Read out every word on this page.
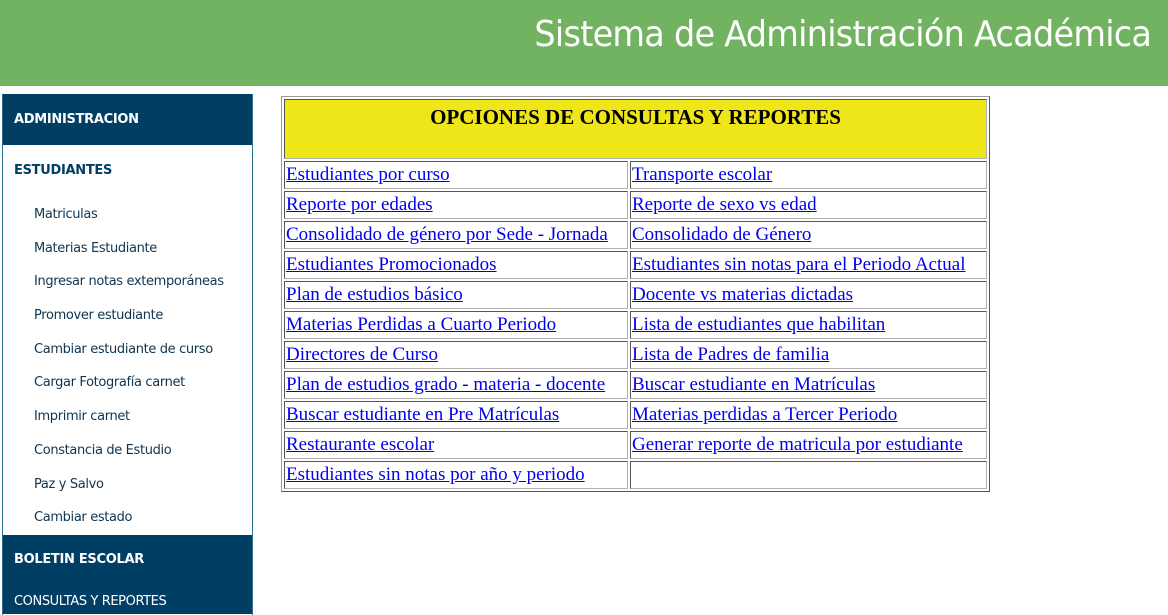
Sistema de Administración Académica
ADMINISTRACION
ESTUDIANTES
Matriculas
Materias Estudiante
Ingresar notas extemporáneas
Promover estudiante
Cambiar estudiante de curso
Cargar Fotografía carnet
Imprimir carnet
Constancia de Estudio
Paz y Salvo
Cambiar estado
BOLETIN ESCOLAR
CONSULTAS Y REPORTES
OPCIONES DE CONSULTAS Y REPORTES	
Estudiantes por curso	Transporte escolar
Reporte por edades	Reporte de sexo vs edad
Consolidado de género por Sede - Jornada	Consolidado de Género
Estudiantes Promocionados	Estudiantes sin notas para el Periodo Actual
Plan de estudios básico	Docente vs materias dictadas
Materias Perdidas a Cuarto Periodo	Lista de estudiantes que habilitan
Directores de Curso	Lista de Padres de familia
Plan de estudios grado - materia - docente	Buscar estudiante en Matrículas
Buscar estudiante en Pre Matrículas	Materias perdidas a Tercer Periodo
Restaurante escolar	Generar reporte de matricula por estudiante
Estudiantes sin notas por año y periodo	
